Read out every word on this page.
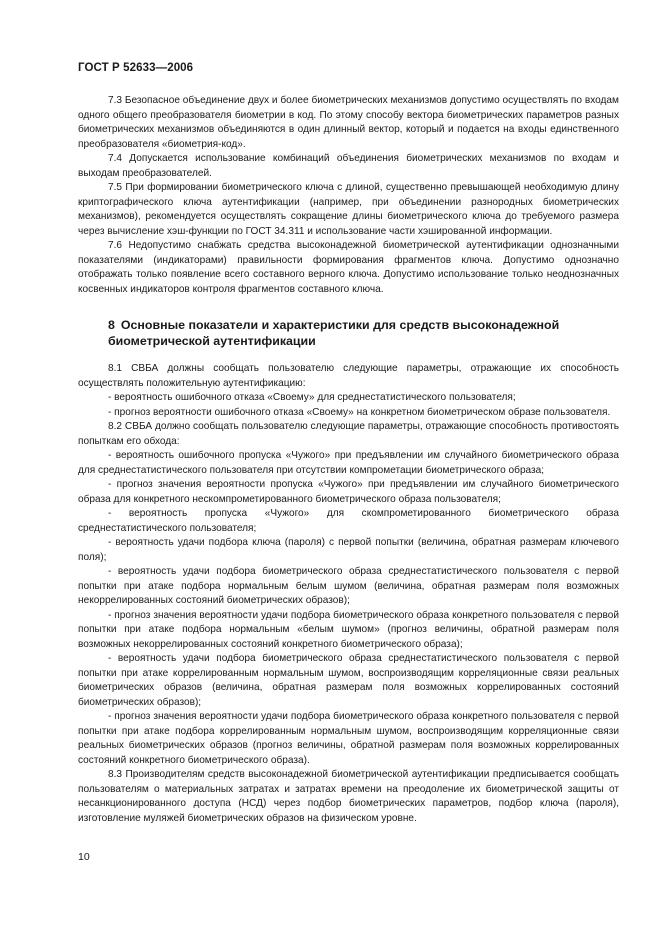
ГОСТ Р 52633—2006

7.3 Безопасное объединение двух и более биометрических механизмов допустимо осуществлять по входам одного общего преобразователя биометрии в код. По этому способу вектора биометрических параметров разных биометрических механизмов объединяются в один длинный вектор, который и подается на входы единственного преобразователя «биометрия-код».

7.4 Допускается использование комбинаций объединения биометрических механизмов по входам и выходам преобразователей.

7.5 При формировании биометрического ключа с длиной, существенно превышающей необходимую длину криптографического ключа аутентификации (например, при объединении разнородных биометрических механизмов), рекомендуется осуществлять сокращение длины биометрического ключа до требуемого размера через вычисление хэш-функции по ГОСТ 34.311 и использование части хэшированной информации.

7.6 Недопустимо снабжать средства высоконадежной биометрической аутентификации однозначными показателями (индикаторами) правильности формирования фрагментов ключа. Допустимо однозначно отображать только появление всего составного верного ключа. Допустимо использование только неоднозначных косвенных индикаторов контроля фрагментов составного ключа.

8 Основные показатели и характеристики для средств высоконадежной биометрической аутентификации

8.1 СВБА должны сообщать пользователю следующие параметры, отражающие их способность осуществлять положительную аутентификацию:

- вероятность ошибочного отказа «Своему» для среднестатистического пользователя;

- прогноз вероятности ошибочного отказа «Своему» на конкретном биометрическом образе пользователя.

8.2 СВБА должно сообщать пользователю следующие параметры, отражающие способность противостоять попыткам его обхода:

- вероятность ошибочного пропуска «Чужого» при предъявлении им случайного биометрического образа для среднестатистического пользователя при отсутствии компрометации биометрического образа;

- прогноз значения вероятности пропуска «Чужого» при предъявлении им случайного биометрического образа для конкретного нескомпрометированного биометрического образа пользователя;

- вероятность пропуска «Чужого» для скомпрометированного биометрического образа среднестатистического пользователя;

- вероятность удачи подбора ключа (пароля) с первой попытки (величина, обратная размерам ключевого поля);

- вероятность удачи подбора биометрического образа среднестатистического пользователя с первой попытки при атаке подбора нормальным белым шумом (величина, обратная размерам поля возможных некоррелированных состояний биометрических образов);

- прогноз значения вероятности удачи подбора биометрического образа конкретного пользователя с первой попытки при атаке подбора нормальным «белым шумом» (прогноз величины, обратной размерам поля возможных некоррелированных состояний конкретного биометрического образа);

- вероятность удачи подбора биометрического образа среднестатистического пользователя с первой попытки при атаке коррелированным нормальным шумом, воспроизводящим корреляционные связи реальных биометрических образов (величина, обратная размерам поля возможных коррелированных состояний биометрических образов);

- прогноз значения вероятности удачи подбора биометрического образа конкретного пользователя с первой попытки при атаке подбора коррелированным нормальным шумом, воспроизводящим корреляционные связи реальных биометрических образов (прогноз величины, обратной размерам поля возможных коррелированных состояний конкретного биометрического образа).

8.3 Производителям средств высоконадежной биометрической аутентификации предписывается сообщать пользователям о материальных затратах и затратах времени на преодоление их биометрической защиты от несанкционированного доступа (НСД) через подбор биометрических параметров, подбор ключа (пароля), изготовление муляжей биометрических образов на физическом уровне.

10
